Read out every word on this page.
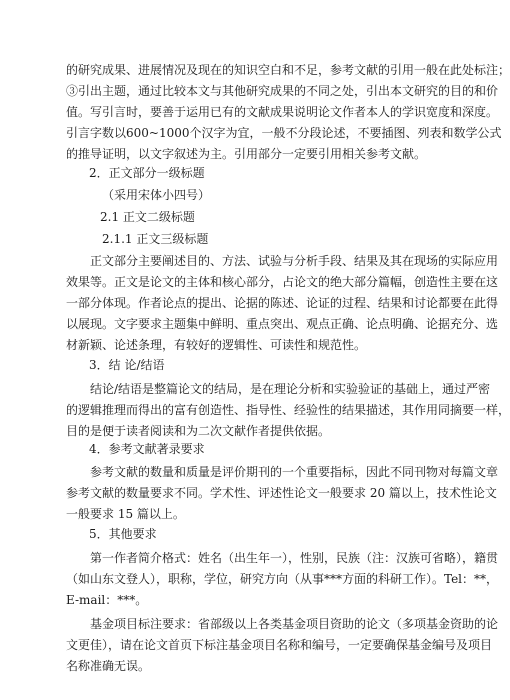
的研究成果、进展情况及现在的知识空白和不足，参考文献的引用一般在此处标注；
③引出主题，通过比较本文与其他研究成果的不同之处，引出本文研究的目的和价
值。写引言时，要善于运用已有的文献成果说明论文作者本人的学识宽度和深度。
引言字数以600~1000个汉字为宜，一般不分段论述，不要插图、列表和数学公式
的推导证明，以文字叙述为主。引用部分一定要引用相关参考文献。
2．正文部分一级标题
（采用宋体小四号）
2.1 正文二级标题
2.1.1 正文三级标题
正文部分主要阐述目的、方法、试验与分析手段、结果及其在现场的实际应用
效果等。正文是论文的主体和核心部分，占论文的绝大部分篇幅，创造性主要在这
一部分体现。作者论点的提出、论据的陈述、论证的过程、结果和讨论都要在此得
以展现。文字要求主题集中鲜明、重点突出、观点正确、论点明确、论据充分、选
材新颖、论述条理，有较好的逻辑性、可读性和规范性。
3．结 论/结语
结论/结语是整篇论文的结局，是在理论分析和实验验证的基础上，通过严密
的逻辑推理而得出的富有创造性、指导性、经验性的结果描述，其作用同摘要一样，
目的是便于读者阅读和为二次文献作者提供依据。
4．参考文献著录要求
参考文献的数量和质量是评价期刊的一个重要指标，因此不同刊物对每篇文章
参考文献的数量要求不同。学术性、评述性论文一般要求 20 篇以上，技术性论文
一般要求 15 篇以上。
5．其他要求
第一作者简介格式：姓名（出生年一），性别，民族（注：汉族可省略），籍贯
（如山东文登人），职称，学位，研究方向（从事***方面的科研工作）。Tel：**，
E-mail：***。
基金项目标注要求：省部级以上各类基金项目资助的论文（多项基金资助的论
文更佳），请在论文首页下标注基金项目名称和编号，一定要确保基金编号及项目
名称准确无误。
